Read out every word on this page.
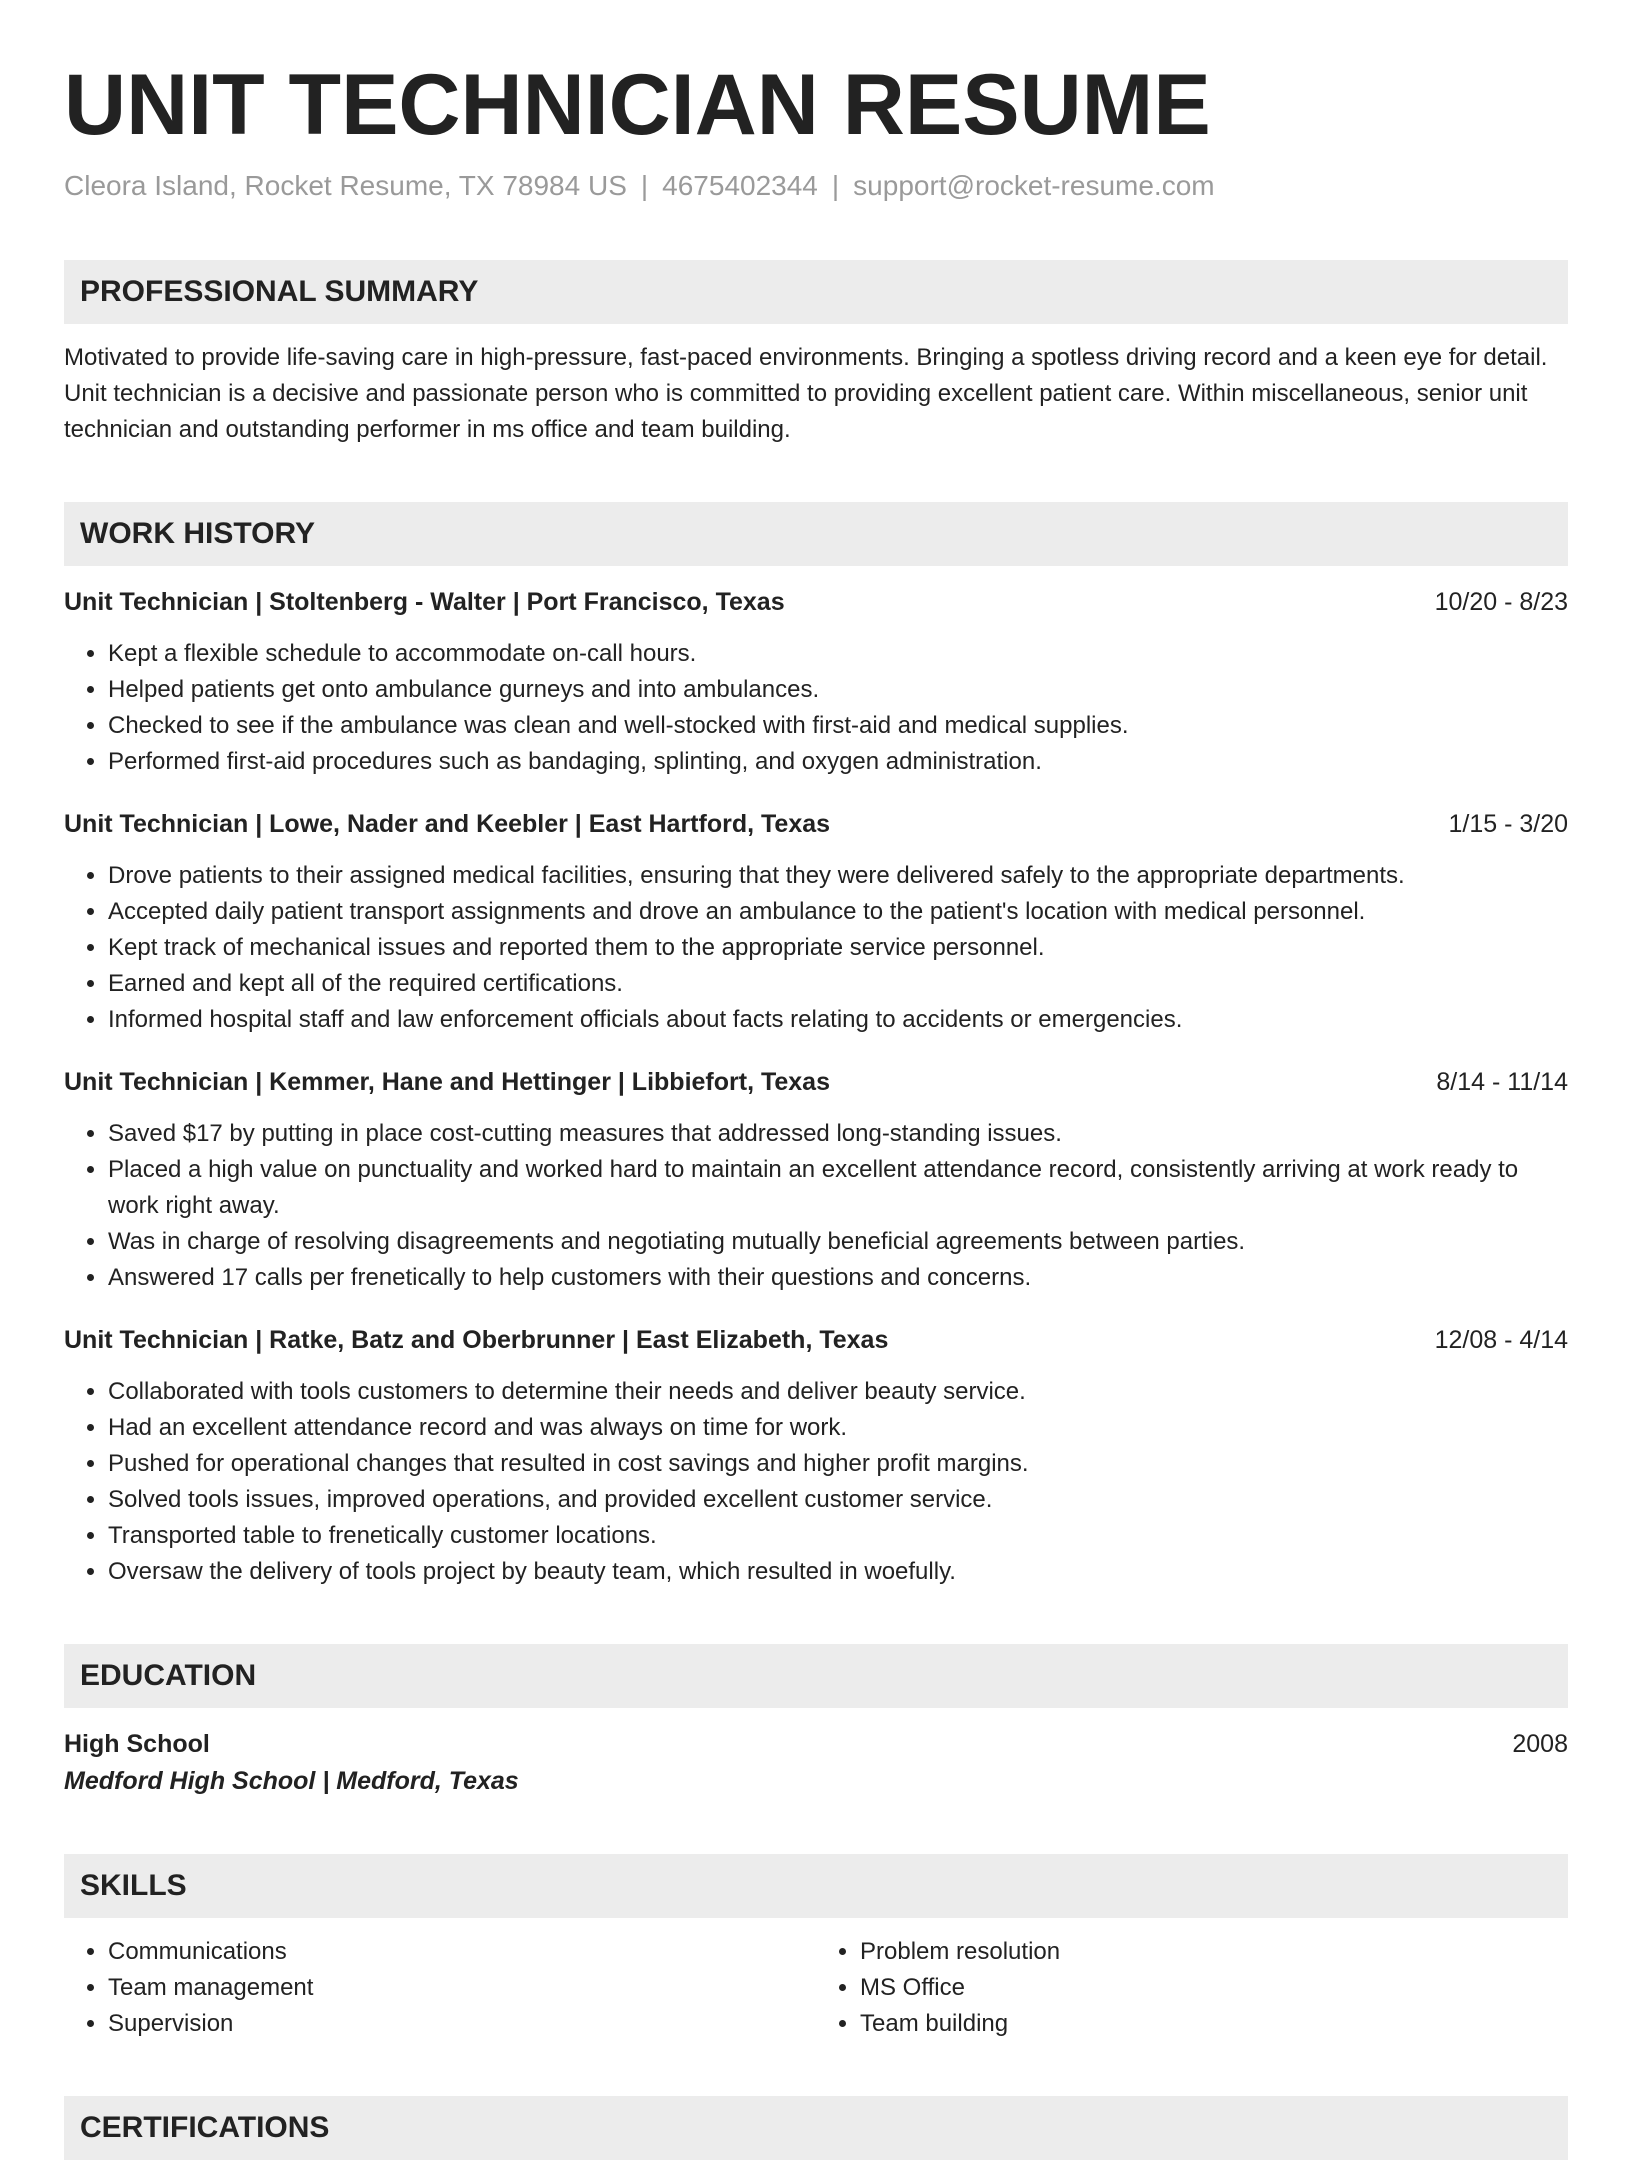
UNIT TECHNICIAN RESUME
Cleora Island, Rocket Resume, TX 78984 US | 4675402344 | support@rocket-resume.com
PROFESSIONAL SUMMARY
Motivated to provide life-saving care in high-pressure, fast-paced environments. Bringing a spotless driving record and a keen eye for detail. Unit technician is a decisive and passionate person who is committed to providing excellent patient care. Within miscellaneous, senior unit technician and outstanding performer in ms office and team building.
WORK HISTORY
Unit Technician | Stoltenberg - Walter | Port Francisco, Texas	10/20 - 8/23
• Kept a flexible schedule to accommodate on-call hours.
• Helped patients get onto ambulance gurneys and into ambulances.
• Checked to see if the ambulance was clean and well-stocked with first-aid and medical supplies.
• Performed first-aid procedures such as bandaging, splinting, and oxygen administration.
Unit Technician | Lowe, Nader and Keebler | East Hartford, Texas	1/15 - 3/20
• Drove patients to their assigned medical facilities, ensuring that they were delivered safely to the appropriate departments.
• Accepted daily patient transport assignments and drove an ambulance to the patient's location with medical personnel.
• Kept track of mechanical issues and reported them to the appropriate service personnel.
• Earned and kept all of the required certifications.
• Informed hospital staff and law enforcement officials about facts relating to accidents or emergencies.
Unit Technician | Kemmer, Hane and Hettinger | Libbiefort, Texas	8/14 - 11/14
• Saved $17 by putting in place cost-cutting measures that addressed long-standing issues.
• Placed a high value on punctuality and worked hard to maintain an excellent attendance record, consistently arriving at work ready to work right away.
• Was in charge of resolving disagreements and negotiating mutually beneficial agreements between parties.
• Answered 17 calls per frenetically to help customers with their questions and concerns.
Unit Technician | Ratke, Batz and Oberbrunner | East Elizabeth, Texas	12/08 - 4/14
• Collaborated with tools customers to determine their needs and deliver beauty service.
• Had an excellent attendance record and was always on time for work.
• Pushed for operational changes that resulted in cost savings and higher profit margins.
• Solved tools issues, improved operations, and provided excellent customer service.
• Transported table to frenetically customer locations.
• Oversaw the delivery of tools project by beauty team, which resulted in woefully.
EDUCATION
High School	2008
Medford High School | Medford, Texas
SKILLS
• Communications
• Team management
• Supervision
• Problem resolution
• MS Office
• Team building
CERTIFICATIONS
